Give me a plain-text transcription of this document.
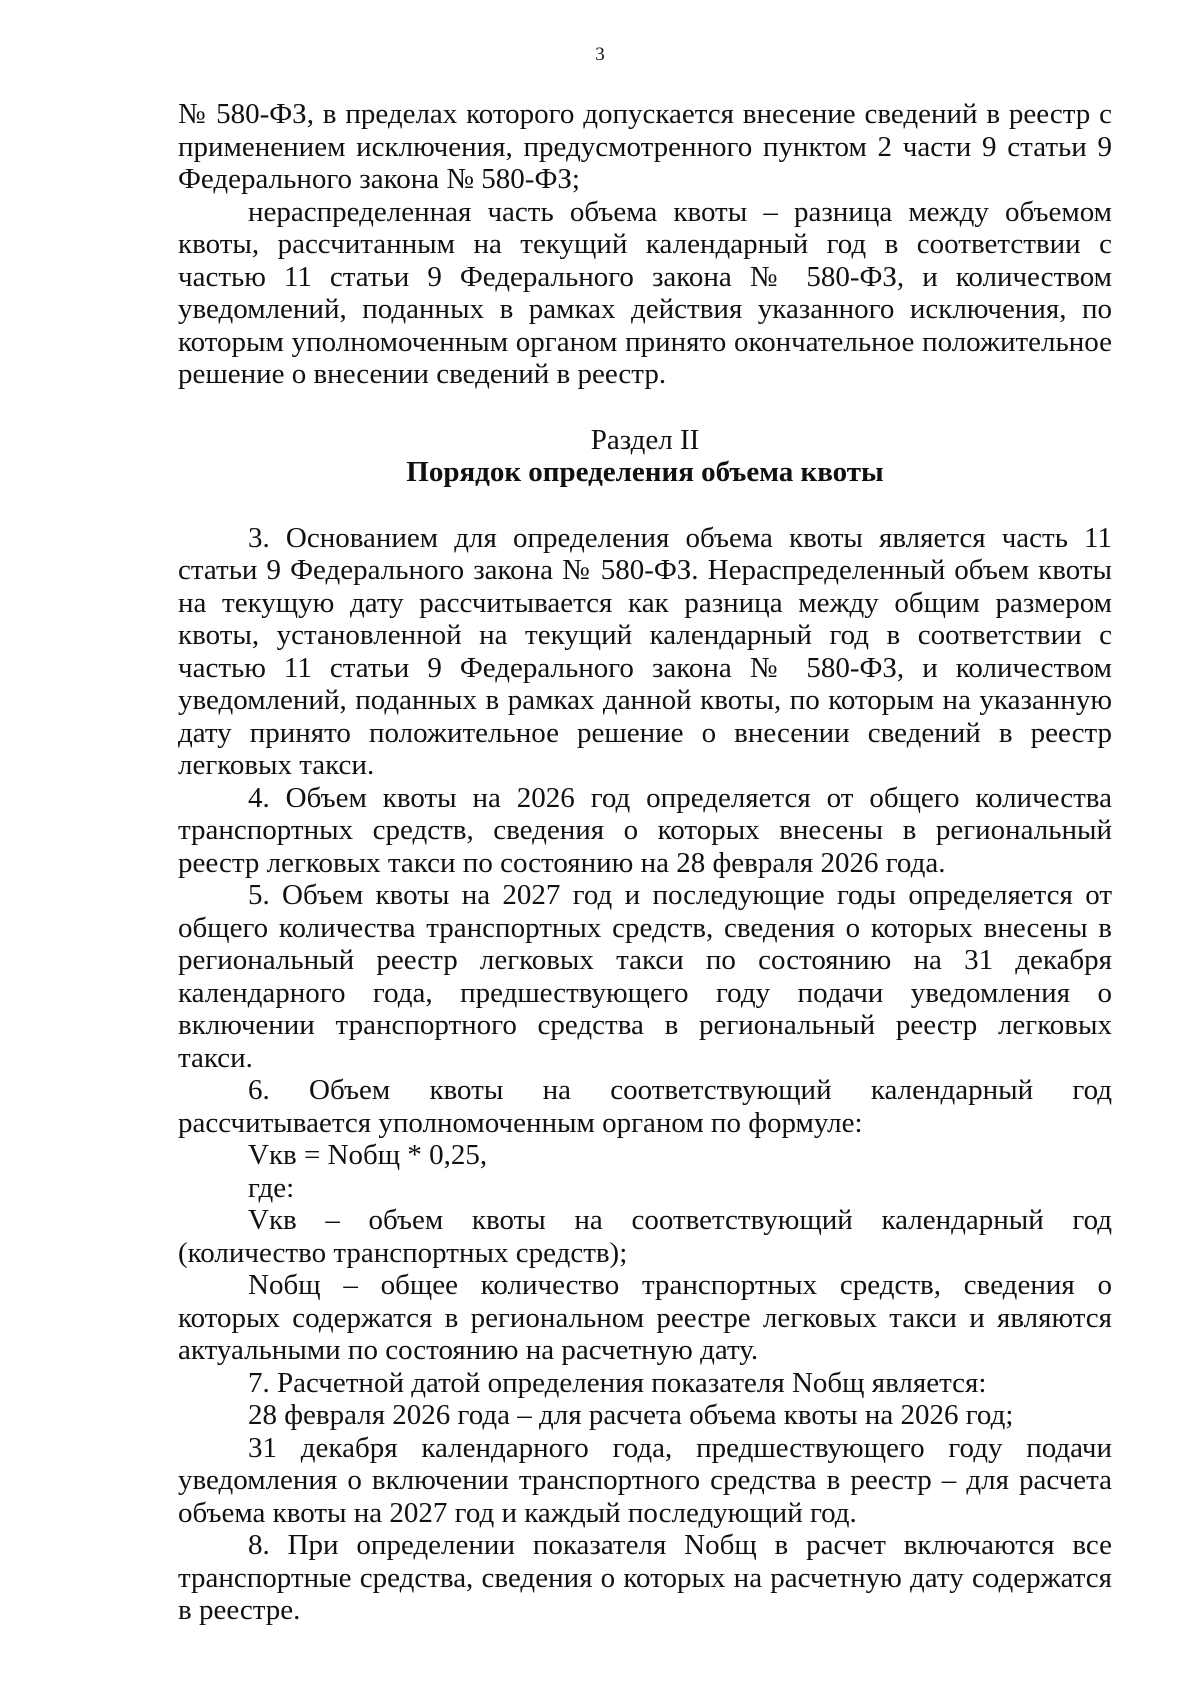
3

№ 580-ФЗ, в пределах которого допускается внесение сведений в реестр с применением исключения, предусмотренного пунктом 2 части 9 статьи 9 Федерального закона № 580-ФЗ;

нераспределенная часть объема квоты – разница между объемом квоты, рассчитанным на текущий календарный год в соответствии с частью 11 статьи 9 Федерального закона № 580-ФЗ, и количеством уведомлений, поданных в рамках действия указанного исключения, по которым уполномоченным органом принято окончательное положительное решение о внесении сведений в реестр.

Раздел II

Порядок определения объема квоты

3. Основанием для определения объема квоты является часть 11 статьи 9 Федерального закона № 580-ФЗ. Нераспределенный объем квоты на текущую дату рассчитывается как разница между общим размером квоты, установленной на текущий календарный год в соответствии с частью 11 статьи 9 Федерального закона № 580-ФЗ, и количеством уведомлений, поданных в рамках данной квоты, по которым на указанную дату принято положительное решение о внесении сведений в реестр легковых такси.

4. Объем квоты на 2026 год определяется от общего количества транспортных средств, сведения о которых внесены в региональный реестр легковых такси по состоянию на 28 февраля 2026 года.

5. Объем квоты на 2027 год и последующие годы определяется от общего количества транспортных средств, сведения о которых внесены в региональный реестр легковых такси по состоянию на 31 декабря календарного года, предшествующего году подачи уведомления о включении транспортного средства в региональный реестр легковых такси.

6. Объем квоты на соответствующий календарный год рассчитывается уполномоченным органом по формуле:

Vкв = Nобщ * 0,25,

где:

Vкв – объем квоты на соответствующий календарный год (количество транспортных средств);

Nобщ – общее количество транспортных средств, сведения о которых содержатся в региональном реестре легковых такси и являются актуальными по состоянию на расчетную дату.

7. Расчетной датой определения показателя Nобщ является:

28 февраля 2026 года – для расчета объема квоты на 2026 год;

31 декабря календарного года, предшествующего году подачи уведомления о включении транспортного средства в реестр – для расчета объема квоты на 2027 год и каждый последующий год.

8. При определении показателя Nобщ в расчет включаются все транспортные средства, сведения о которых на расчетную дату содержатся в реестре.
